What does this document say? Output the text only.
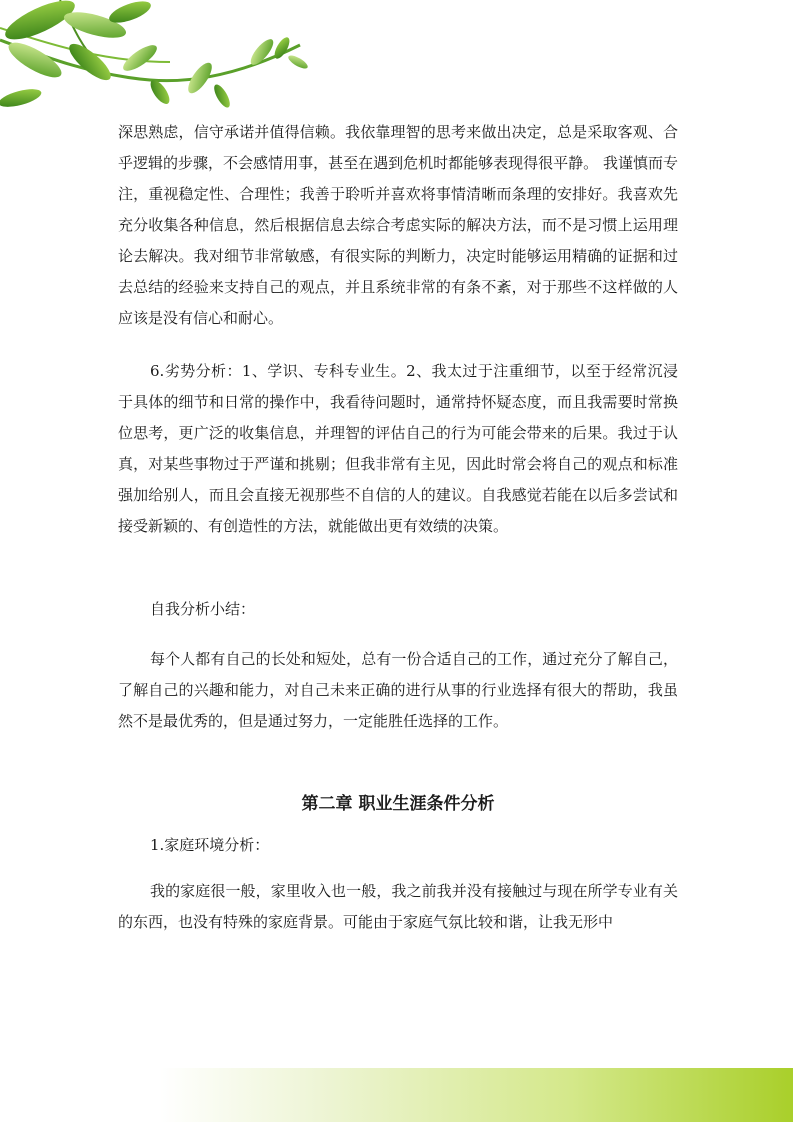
深思熟虑，信守承诺并值得信赖。我依靠理智的思考来做出决定，总是采取客观、合乎逻辑的步骤，不会感情用事，甚至在遇到危机时都能够表现得很平静。 我谨慎而专注，重视稳定性、合理性；我善于聆听并喜欢将事情清晰而条理的安排好。我喜欢先充分收集各种信息，然后根据信息去综合考虑实际的解决方法，而不是习惯上运用理论去解决。我对细节非常敏感，有很实际的判断力，决定时能够运用精确的证据和过去总结的经验来支持自己的观点，并且系统非常的有条不紊，对于那些不这样做的人应该是没有信心和耐心。

6.劣势分析：1、学识、专科专业生。2、我太过于注重细节，以至于经常沉浸于具体的细节和日常的操作中，我看待问题时，通常持怀疑态度，而且我需要时常换位思考，更广泛的收集信息，并理智的评估自己的行为可能会带来的后果。我过于认真，对某些事物过于严谨和挑剔；但我非常有主见，因此时常会将自己的观点和标准强加给别人，而且会直接无视那些不自信的人的建议。自我感觉若能在以后多尝试和接受新颖的、有创造性的方法，就能做出更有效绩的决策。

自我分析小结：

每个人都有自己的长处和短处，总有一份合适自己的工作，通过充分了解自己，了解自己的兴趣和能力，对自己未来正确的进行从事的行业选择有很大的帮助，我虽然不是最优秀的，但是通过努力，一定能胜任选择的工作。

第二章 职业生涯条件分析

1.家庭环境分析：

我的家庭很一般，家里收入也一般，我之前我并没有接触过与现在所学专业有关的东西，也没有特殊的家庭背景。可能由于家庭气氛比较和谐，让我无形中
